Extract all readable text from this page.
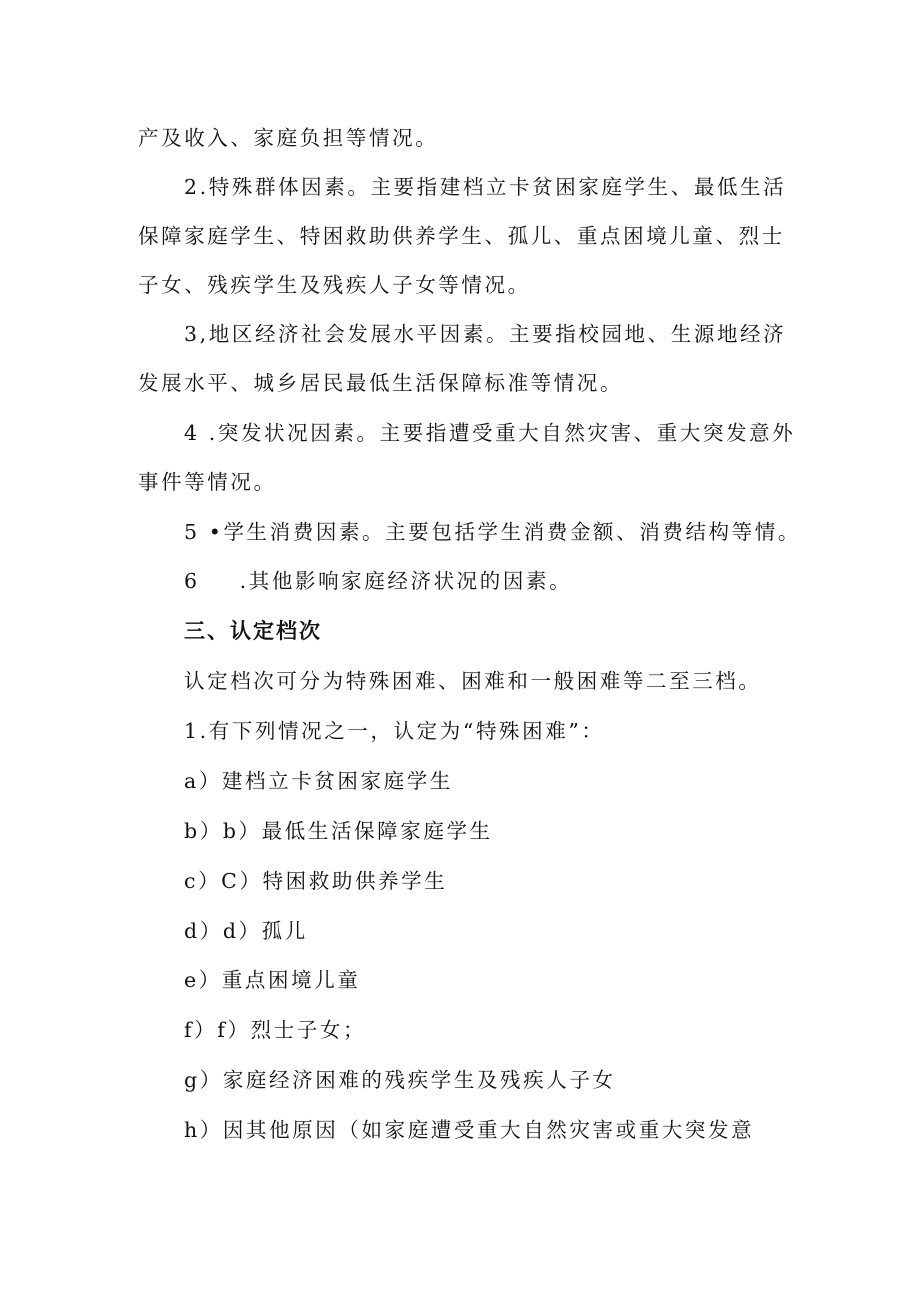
产及收入、家庭负担等情况。
2.特殊群体因素。主要指建档立卡贫困家庭学生、最低生活
保障家庭学生、特困救助供养学生、孤儿、重点困境儿童、烈士
子女、残疾学生及残疾人子女等情况。
3,地区经济社会发展水平因素。主要指校园地、生源地经济
发展水平、城乡居民最低生活保障标准等情况。
4 .突发状况因素。主要指遭受重大自然灾害、重大突发意外
事件等情况。
5 •学生消费因素。主要包括学生消费金额、消费结构等情。
6 .其他影响家庭经济状况的因素。
三、认定档次
认定档次可分为特殊困难、困难和一般困难等二至三档。
1.有下列情况之一，认定为“特殊困难”：
a）建档立卡贫困家庭学生
b）b）最低生活保障家庭学生
c）C）特困救助供养学生
d）d）孤儿
e）重点困境儿童
f）f）烈士子女；
g）家庭经济困难的残疾学生及残疾人子女
h）因其他原因（如家庭遭受重大自然灾害或重大突发意
